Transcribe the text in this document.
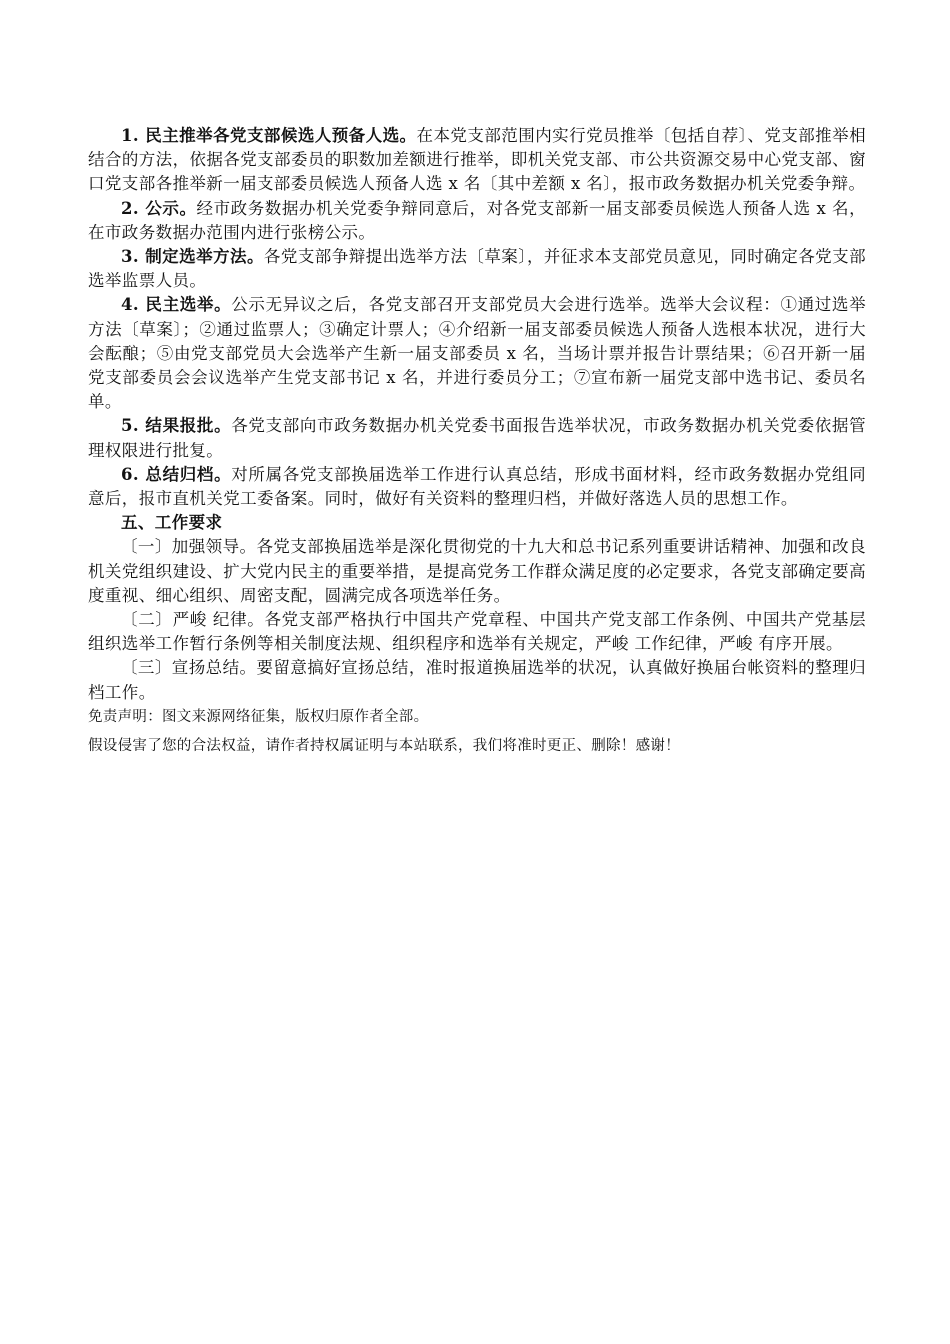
1. 民主推举各党支部候选人预备人选。在本党支部范围内实行党员推举〔包括自荐〕、党支部推举相结合的方法，依据各党支部委员的职数加差额进行推举，即机关党支部、市公共资源交易中心党支部、窗口党支部各推举新一届支部委员候选人预备人选 x 名〔其中差额 x 名〕，报市政务数据办机关党委争辩。

2. 公示。经市政务数据办机关党委争辩同意后，对各党支部新一届支部委员候选人预备人选 x 名，在市政务数据办范围内进行张榜公示。

3. 制定选举方法。各党支部争辩提出选举方法〔草案〕，并征求本支部党员意见，同时确定各党支部选举监票人员。

4. 民主选举。公示无异议之后，各党支部召开支部党员大会进行选举。选举大会议程：①通过选举方法〔草案〕；②通过监票人；③确定计票人；④介绍新一届支部委员候选人预备人选根本状况，进行大会酝酿；⑤由党支部党员大会选举产生新一届支部委员 x 名，当场计票并报告计票结果；⑥召开新一届党支部委员会会议选举产生党支部书记 x 名，并进行委员分工；⑦宣布新一届党支部中选书记、委员名单。

5. 结果报批。各党支部向市政务数据办机关党委书面报告选举状况，市政务数据办机关党委依据管理权限进行批复。

6. 总结归档。对所属各党支部换届选举工作进行认真总结，形成书面材料，经市政务数据办党组同意后，报市直机关党工委备案。同时，做好有关资料的整理归档，并做好落选人员的思想工作。

五、工作要求

〔一〕加强领导。各党支部换届选举是深化贯彻党的十九大和总书记系列重要讲话精神、加强和改良机关党组织建设、扩大党内民主的重要举措，是提高党务工作群众满足度的必定要求，各党支部确定要高度重视、细心组织、周密支配，圆满完成各项选举任务。

〔二〕严峻 纪律。各党支部严格执行中国共产党章程、中国共产党支部工作条例、中国共产党基层组织选举工作暂行条例等相关制度法规、组织程序和选举有关规定，严峻 工作纪律，严峻 有序开展。

〔三〕宣扬总结。要留意搞好宣扬总结，准时报道换届选举的状况，认真做好换届台帐资料的整理归档工作。

免责声明：图文来源网络征集，版权归原作者全部。

假设侵害了您的合法权益，请作者持权属证明与本站联系，我们将准时更正、删除！感谢！
